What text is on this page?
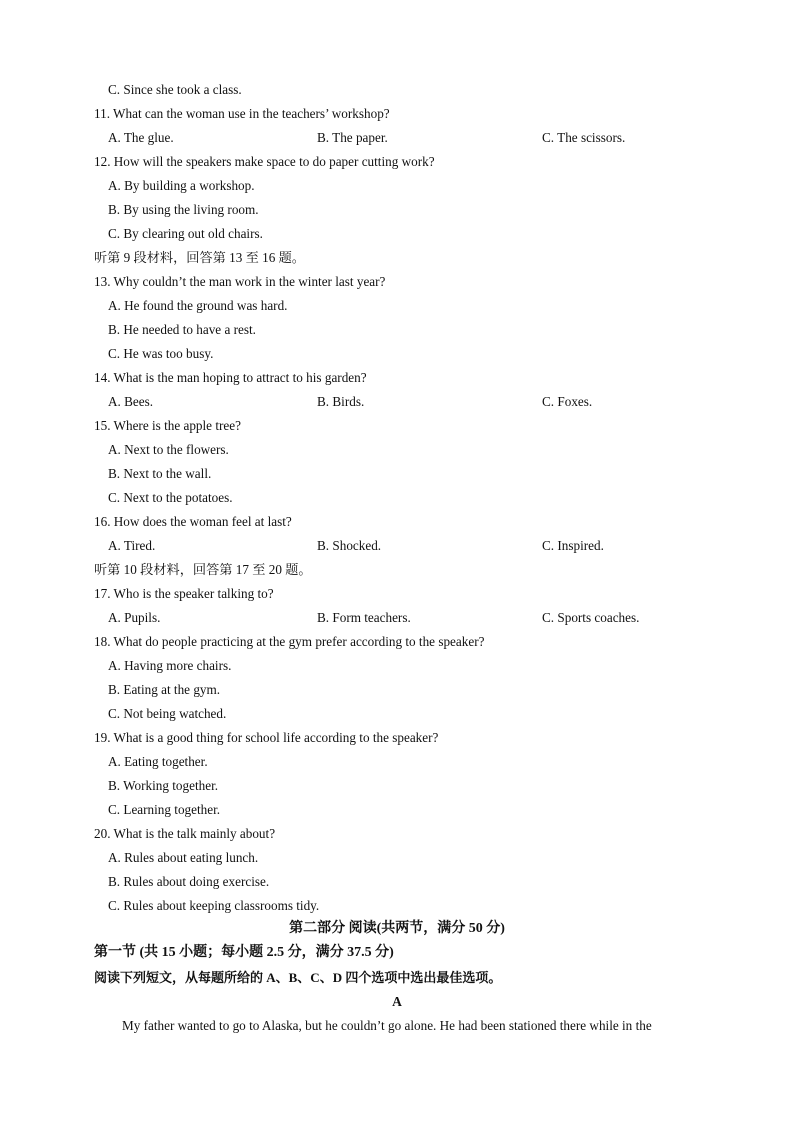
C. Since she took a class.
11. What can the woman use in the teachers’ workshop?
A. The glue.	B. The paper.	C. The scissors.
12. How will the speakers make space to do paper cutting work?
A. By building a workshop.
B. By using the living room.
C. By clearing out old chairs.
听第 9 段材料，回答第 13 至 16 题。
13. Why couldn’t the man work in the winter last year?
A. He found the ground was hard.
B. He needed to have a rest.
C. He was too busy.
14. What is the man hoping to attract to his garden?
A. Bees.	B. Birds.	C. Foxes.
15. Where is the apple tree?
A. Next to the flowers.
B. Next to the wall.
C. Next to the potatoes.
16. How does the woman feel at last?
A. Tired.	B. Shocked.	C. Inspired.
听第 10 段材料，回答第 17 至 20 题。
17. Who is the speaker talking to?
A. Pupils.	B. Form teachers.	C. Sports coaches.
18. What do people practicing at the gym prefer according to the speaker?
A. Having more chairs.
B. Eating at the gym.
C. Not being watched.
19. What is a good thing for school life according to the speaker?
A. Eating together.
B. Working together.
C. Learning together.
20. What is the talk mainly about?
A. Rules about eating lunch.
B. Rules about doing exercise.
C. Rules about keeping classrooms tidy.
第二部分 阅读(共两节，满分 50 分)
第一节 (共 15 小题；每小题 2.5 分，满分 37.5 分)
阅读下列短文，从每题所给的 A、B、C、D 四个选项中选出最佳选项。
A
My father wanted to go to Alaska, but he couldn’t go alone. He had been stationed there while in the
